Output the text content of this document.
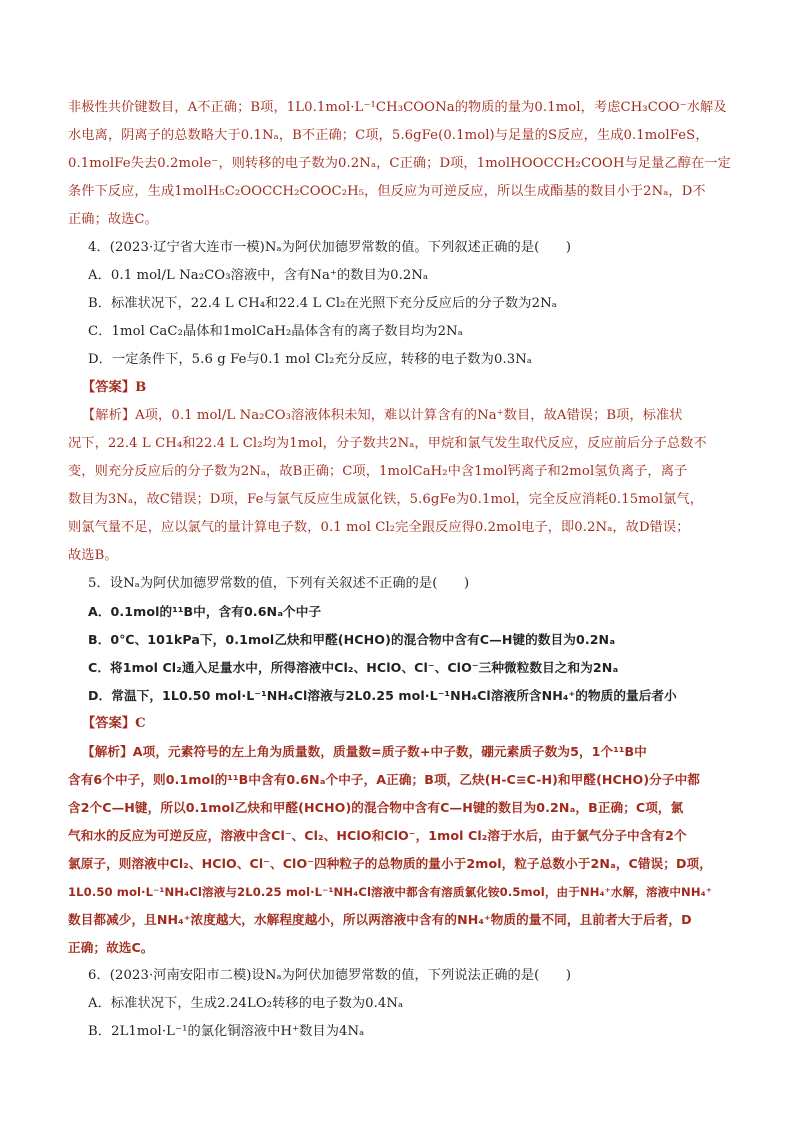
非极性共价键数目，A不正确；B项，1L0.1mol·L⁻¹CH₃COONa的物质的量为0.1mol，考虑CH₃COO⁻水解及
水电离，阴离子的总数略大于0.1Nₐ，B不正确；C项，5.6gFe(0.1mol)与足量的S反应，生成0.1molFeS，
0.1molFe失去0.2mole⁻，则转移的电子数为0.2Nₐ，C正确；D项，1molHOOCCH₂COOH与足量乙醇在一定
条件下反应，生成1molH₅C₂OOCCH₂COOC₂H₅，但反应为可逆反应，所以生成酯基的数目小于2Nₐ，D不
正确；故选C。
4．(2023·辽宁省大连市一模)Nₐ为阿伏加德罗常数的值。下列叙述正确的是(　　)
A．0.1 mol/L Na₂CO₃溶液中，含有Na⁺的数目为0.2Nₐ
B．标准状况下，22.4 L CH₄和22.4 L Cl₂在光照下充分反应后的分子数为2Nₐ
C．1mol CaC₂晶体和1molCaH₂晶体含有的离子数目均为2Nₐ
D．一定条件下，5.6 g Fe与0.1 mol Cl₂充分反应，转移的电子数为0.3Nₐ
【答案】B
【解析】A项，0.1 mol/L Na₂CO₃溶液体积未知，难以计算含有的Na⁺数目，故A错误；B项，标准状
况下，22.4 L CH₄和22.4 L Cl₂均为1mol，分子数共2Nₐ，甲烷和氯气发生取代反应，反应前后分子总数不
变，则充分反应后的分子数为2Nₐ，故B正确；C项，1molCaH₂中含1mol钙离子和2mol氢负离子，离子
数目为3Nₐ，故C错误；D项，Fe与氯气反应生成氯化铁，5.6gFe为0.1mol，完全反应消耗0.15mol氯气，
则氯气量不足，应以氯气的量计算电子数，0.1 mol Cl₂完全跟反应得0.2mol电子，即0.2Nₐ，故D错误；
故选B。
5．设Nₐ为阿伏加德罗常数的值，下列有关叙述不正确的是(　　)
A．0.1mol的¹¹B中，含有0.6Nₐ个中子
B．0℃、101kPa下，0.1mol乙炔和甲醛(HCHO)的混合物中含有C—H键的数目为0.2Nₐ
C．将1mol Cl₂通入足量水中，所得溶液中Cl₂、HClO、Cl⁻、ClO⁻三种微粒数目之和为2Nₐ
D．常温下，1L0.50 mol·L⁻¹NH₄Cl溶液与2L0.25 mol·L⁻¹NH₄Cl溶液所含NH₄⁺的物质的量后者小
【答案】C
【解析】A项，元素符号的左上角为质量数，质量数=质子数+中子数，硼元素质子数为5，1个¹¹B中
含有6个中子，则0.1mol的¹¹B中含有0.6Nₐ个中子，A正确；B项，乙炔(H-C≡C-H)和甲醛(HCHO)分子中都
含2个C—H键，所以0.1mol乙炔和甲醛(HCHO)的混合物中含有C—H键的数目为0.2Nₐ，B正确；C项，氯
气和水的反应为可逆反应，溶液中含Cl⁻、Cl₂、HClO和ClO⁻，1mol Cl₂溶于水后，由于氯气分子中含有2个
氯原子，则溶液中Cl₂、HClO、Cl⁻、ClO⁻四种粒子的总物质的量小于2mol，粒子总数小于2Nₐ，C错误；D项，
1L0.50 mol·L⁻¹NH₄Cl溶液与2L0.25 mol·L⁻¹NH₄Cl溶液中都含有溶质氯化铵0.5mol，由于NH₄⁺水解，溶液中NH₄⁺
数目都减少，且NH₄⁺浓度越大，水解程度越小，所以两溶液中含有的NH₄⁺物质的量不同，且前者大于后者，D
正确；故选C。
6．(2023·河南安阳市二模)设Nₐ为阿伏加德罗常数的值，下列说法正确的是(　　)
A．标准状况下，生成2.24LO₂转移的电子数为0.4Nₐ
B．2L1mol·L⁻¹的氯化铜溶液中H⁺数目为4Nₐ
